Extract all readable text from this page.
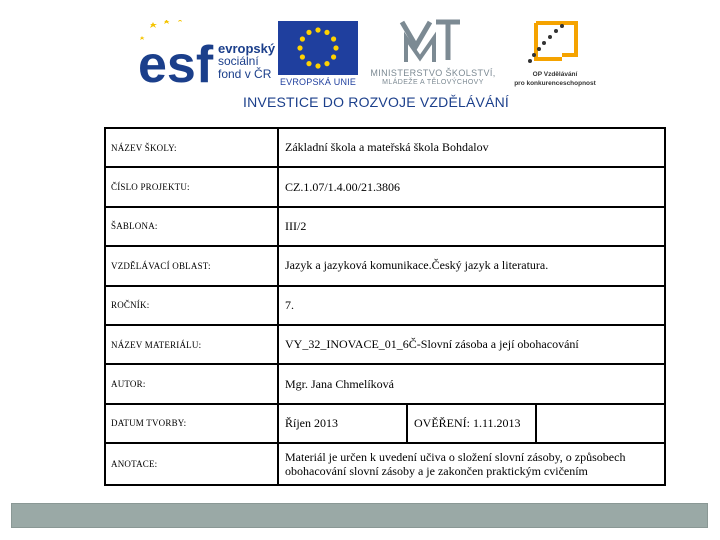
esf evropský
sociální
fond v ČR
EVROPSKÁ UNIE
MINISTERSTVO ŠKOLSTVÍ,
MLÁDEŽE A TĚLOVÝCHOVY
OP Vzdělávání
pro konkurenceschopnost
INVESTICE DO ROZVOJE VZDĚLÁVÁNÍ
NÁZEV ŠKOLY:	Základní škola a mateřská škola Bohdalov		
ČÍSLO PROJEKTU:	CZ.1.07/1.4.00/21.3806		
ŠABLONA:	III/2		
VZDĚLÁVACÍ OBLAST:	Jazyk a jazyková komunikace.Český jazyk a literatura.		
ROČNÍK:	7.		
NÁZEV MATERIÁLU:	VY_32_INOVACE_01_6Č-Slovní zásoba a její obohacování		
AUTOR:	Mgr. Jana Chmelíková		
DATUM TVORBY:	Říjen 2013	OVĚŘENÍ: 1.11.2013	
ANOTACE:	Materiál je určen k uvedení učiva o složení slovní zásoby, o způsobech obohacování slovní zásoby a je zakončen praktickým cvičením		
